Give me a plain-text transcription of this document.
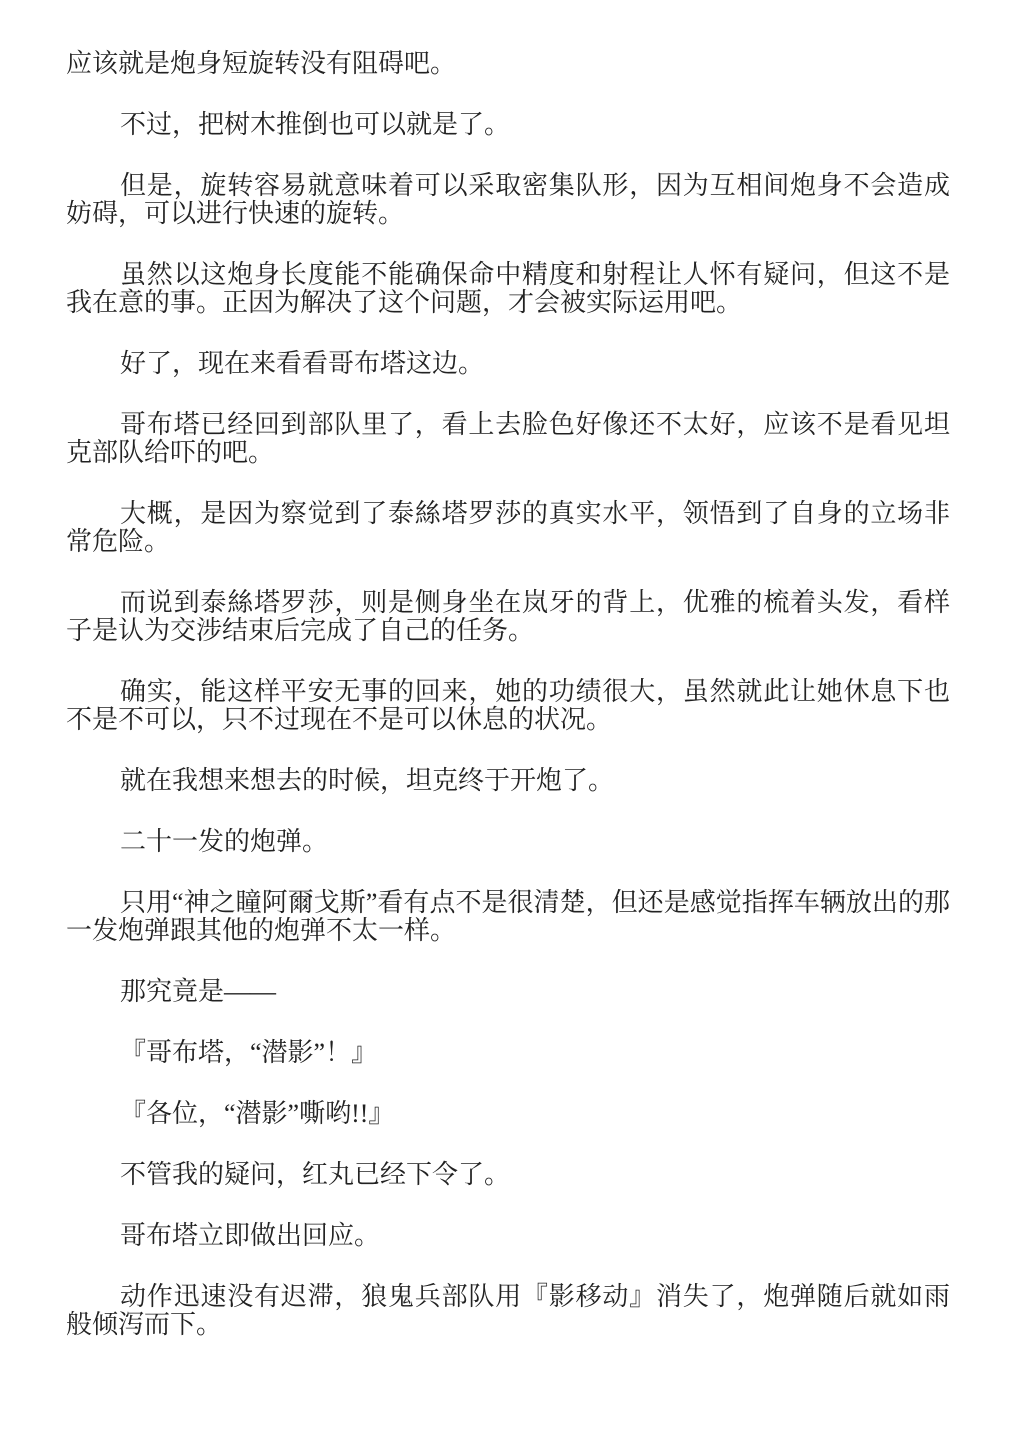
应该就是炮身短旋转没有阻碍吧。

不过，把树木推倒也可以就是了。

但是，旋转容易就意味着可以采取密集队形，因为互相间炮身不会造成妨碍，可以进行快速的旋转。

虽然以这炮身长度能不能确保命中精度和射程让人怀有疑问，但这不是我在意的事。正因为解决了这个问题，才会被实际运用吧。

好了，现在来看看哥布塔这边。

哥布塔已经回到部队里了，看上去脸色好像还不太好，应该不是看见坦克部队给吓的吧。

大概，是因为察觉到了泰絲塔罗莎的真实水平，领悟到了自身的立场非常危险。

而说到泰絲塔罗莎，则是侧身坐在岚牙的背上，优雅的梳着头发，看样子是认为交涉结束后完成了自己的任务。

确实，能这样平安无事的回来，她的功绩很大，虽然就此让她休息下也不是不可以，只不过现在不是可以休息的状况。

就在我想来想去的时候，坦克终于开炮了。

二十一发的炮弹。

只用“神之瞳阿爾戈斯”看有点不是很清楚，但还是感觉指挥车辆放出的那一发炮弹跟其他的炮弹不太一样。

那究竟是——

『哥布塔，“潜影”！』

『各位，“潜影”嘶哟!!』

不管我的疑问，红丸已经下令了。

哥布塔立即做出回应。

动作迅速没有迟滞，狼鬼兵部队用『影移动』消失了，炮弹随后就如雨般倾泻而下。
